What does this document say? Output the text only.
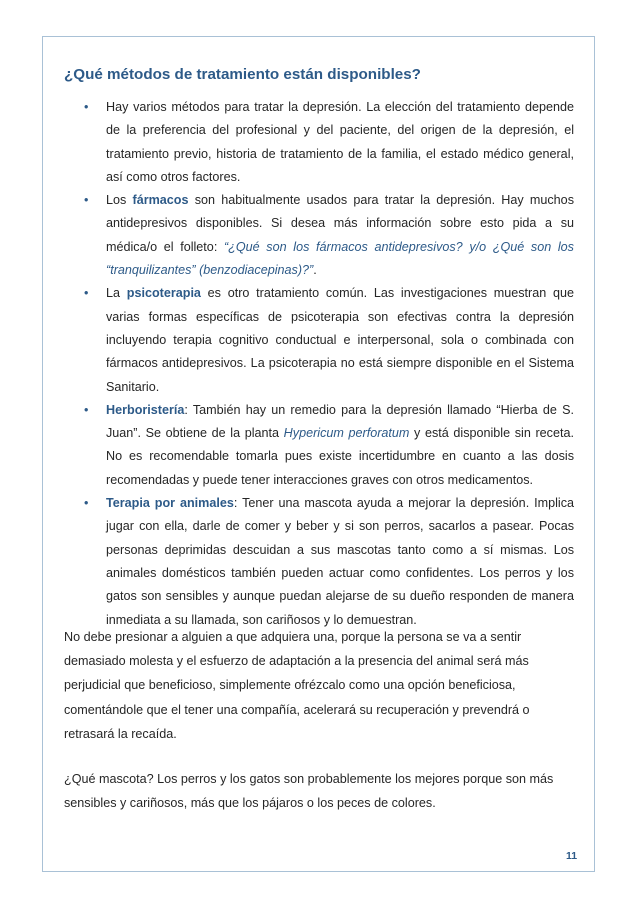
¿Qué métodos de tratamiento están disponibles?
• Hay varios métodos para tratar la depresión. La elección del tratamiento depende de la preferencia del profesional y del paciente, del origen de la depresión, el tratamiento previo, historia de tratamiento de la familia, el estado médico general, así como otros factores.
• Los fármacos son habitualmente usados para tratar la depresión. Hay muchos antidepresivos disponibles. Si desea más información sobre esto pida a su médica/o el folleto: “¿Qué son los fármacos antidepresivos? y/o ¿Qué son los “tranquilizantes” (benzodiacepinas)?”.
• La psicoterapia es otro tratamiento común. Las investigaciones muestran que varias formas específicas de psicoterapia son efectivas contra la depresión incluyendo terapia cognitivo conductual e interpersonal, sola o combinada con fármacos antidepresivos. La psicoterapia no está siempre disponible en el Sistema Sanitario.
• Herboristería: También hay un remedio para la depresión llamado “Hierba de S. Juan”. Se obtiene de la planta Hypericum perforatum y está disponible sin receta. No es recomendable tomarla pues existe incertidumbre en cuanto a las dosis recomendadas y puede tener interacciones graves con otros medicamentos.
• Terapia por animales: Tener una mascota ayuda a mejorar la depresión. Implica jugar con ella, darle de comer y beber y si son perros, sacarlos a pasear. Pocas personas deprimidas descuidan a sus mascotas tanto como a sí mismas. Los animales domésticos también pueden actuar como confidentes. Los perros y los gatos son sensibles y aunque puedan alejarse de su dueño responden de manera inmediata a su llamada, son cariñosos y lo demuestran.

No debe presionar a alguien a que adquiera una, porque la persona se va a sentir demasiado molesta y el esfuerzo de adaptación a la presencia del animal será más perjudicial que beneficioso, simplemente ofrézcalo como una opción beneficiosa, comentándole que el tener una compañía, acelerará su recuperación y prevendrá o retrasará la recaída.

¿Qué mascota? Los perros y los gatos son probablemente los mejores porque son más sensibles y cariñosos, más que los pájaros o los peces de colores.

11
